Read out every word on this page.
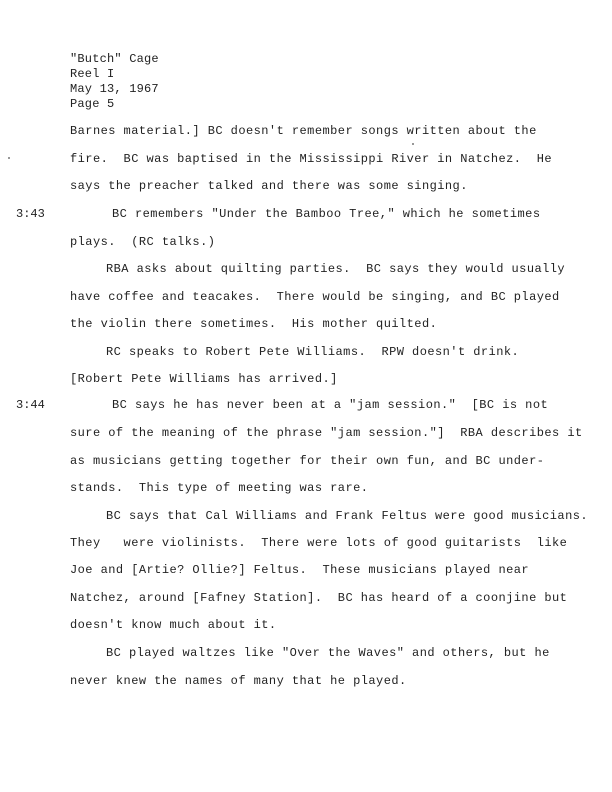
"Butch" Cage
Reel I
May 13, 1967
Page 5
3:43
3:44
Barnes material.] BC doesn't remember songs written about the
fire.  BC was baptised in the Mississippi River in Natchez.  He
says the preacher talked and there was some singing.
BC remembers "Under the Bamboo Tree," which he sometimes
plays.  (RC talks.)
RBA asks about quilting parties.  BC says they would usually
have coffee and teacakes.  There would be singing, and BC played
the violin there sometimes.  His mother quilted.
RC speaks to Robert Pete Williams.  RPW doesn't drink.
[Robert Pete Williams has arrived.]
BC says he has never been at a "jam session."  [BC is not
sure of the meaning of the phrase "jam session."]  RBA describes it
as musicians getting together for their own fun, and BC under-
stands.  This type of meeting was rare.
BC says that Cal Williams and Frank Feltus were good musicians.
They   were violinists.  There were lots of good guitarists  like
Joe and [Artie? Ollie?] Feltus.  These musicians played near
Natchez, around [Fafney Station].  BC has heard of a coonjine but
doesn't know much about it.
BC played waltzes like "Over the Waves" and others, but he
never knew the names of many that he played.
